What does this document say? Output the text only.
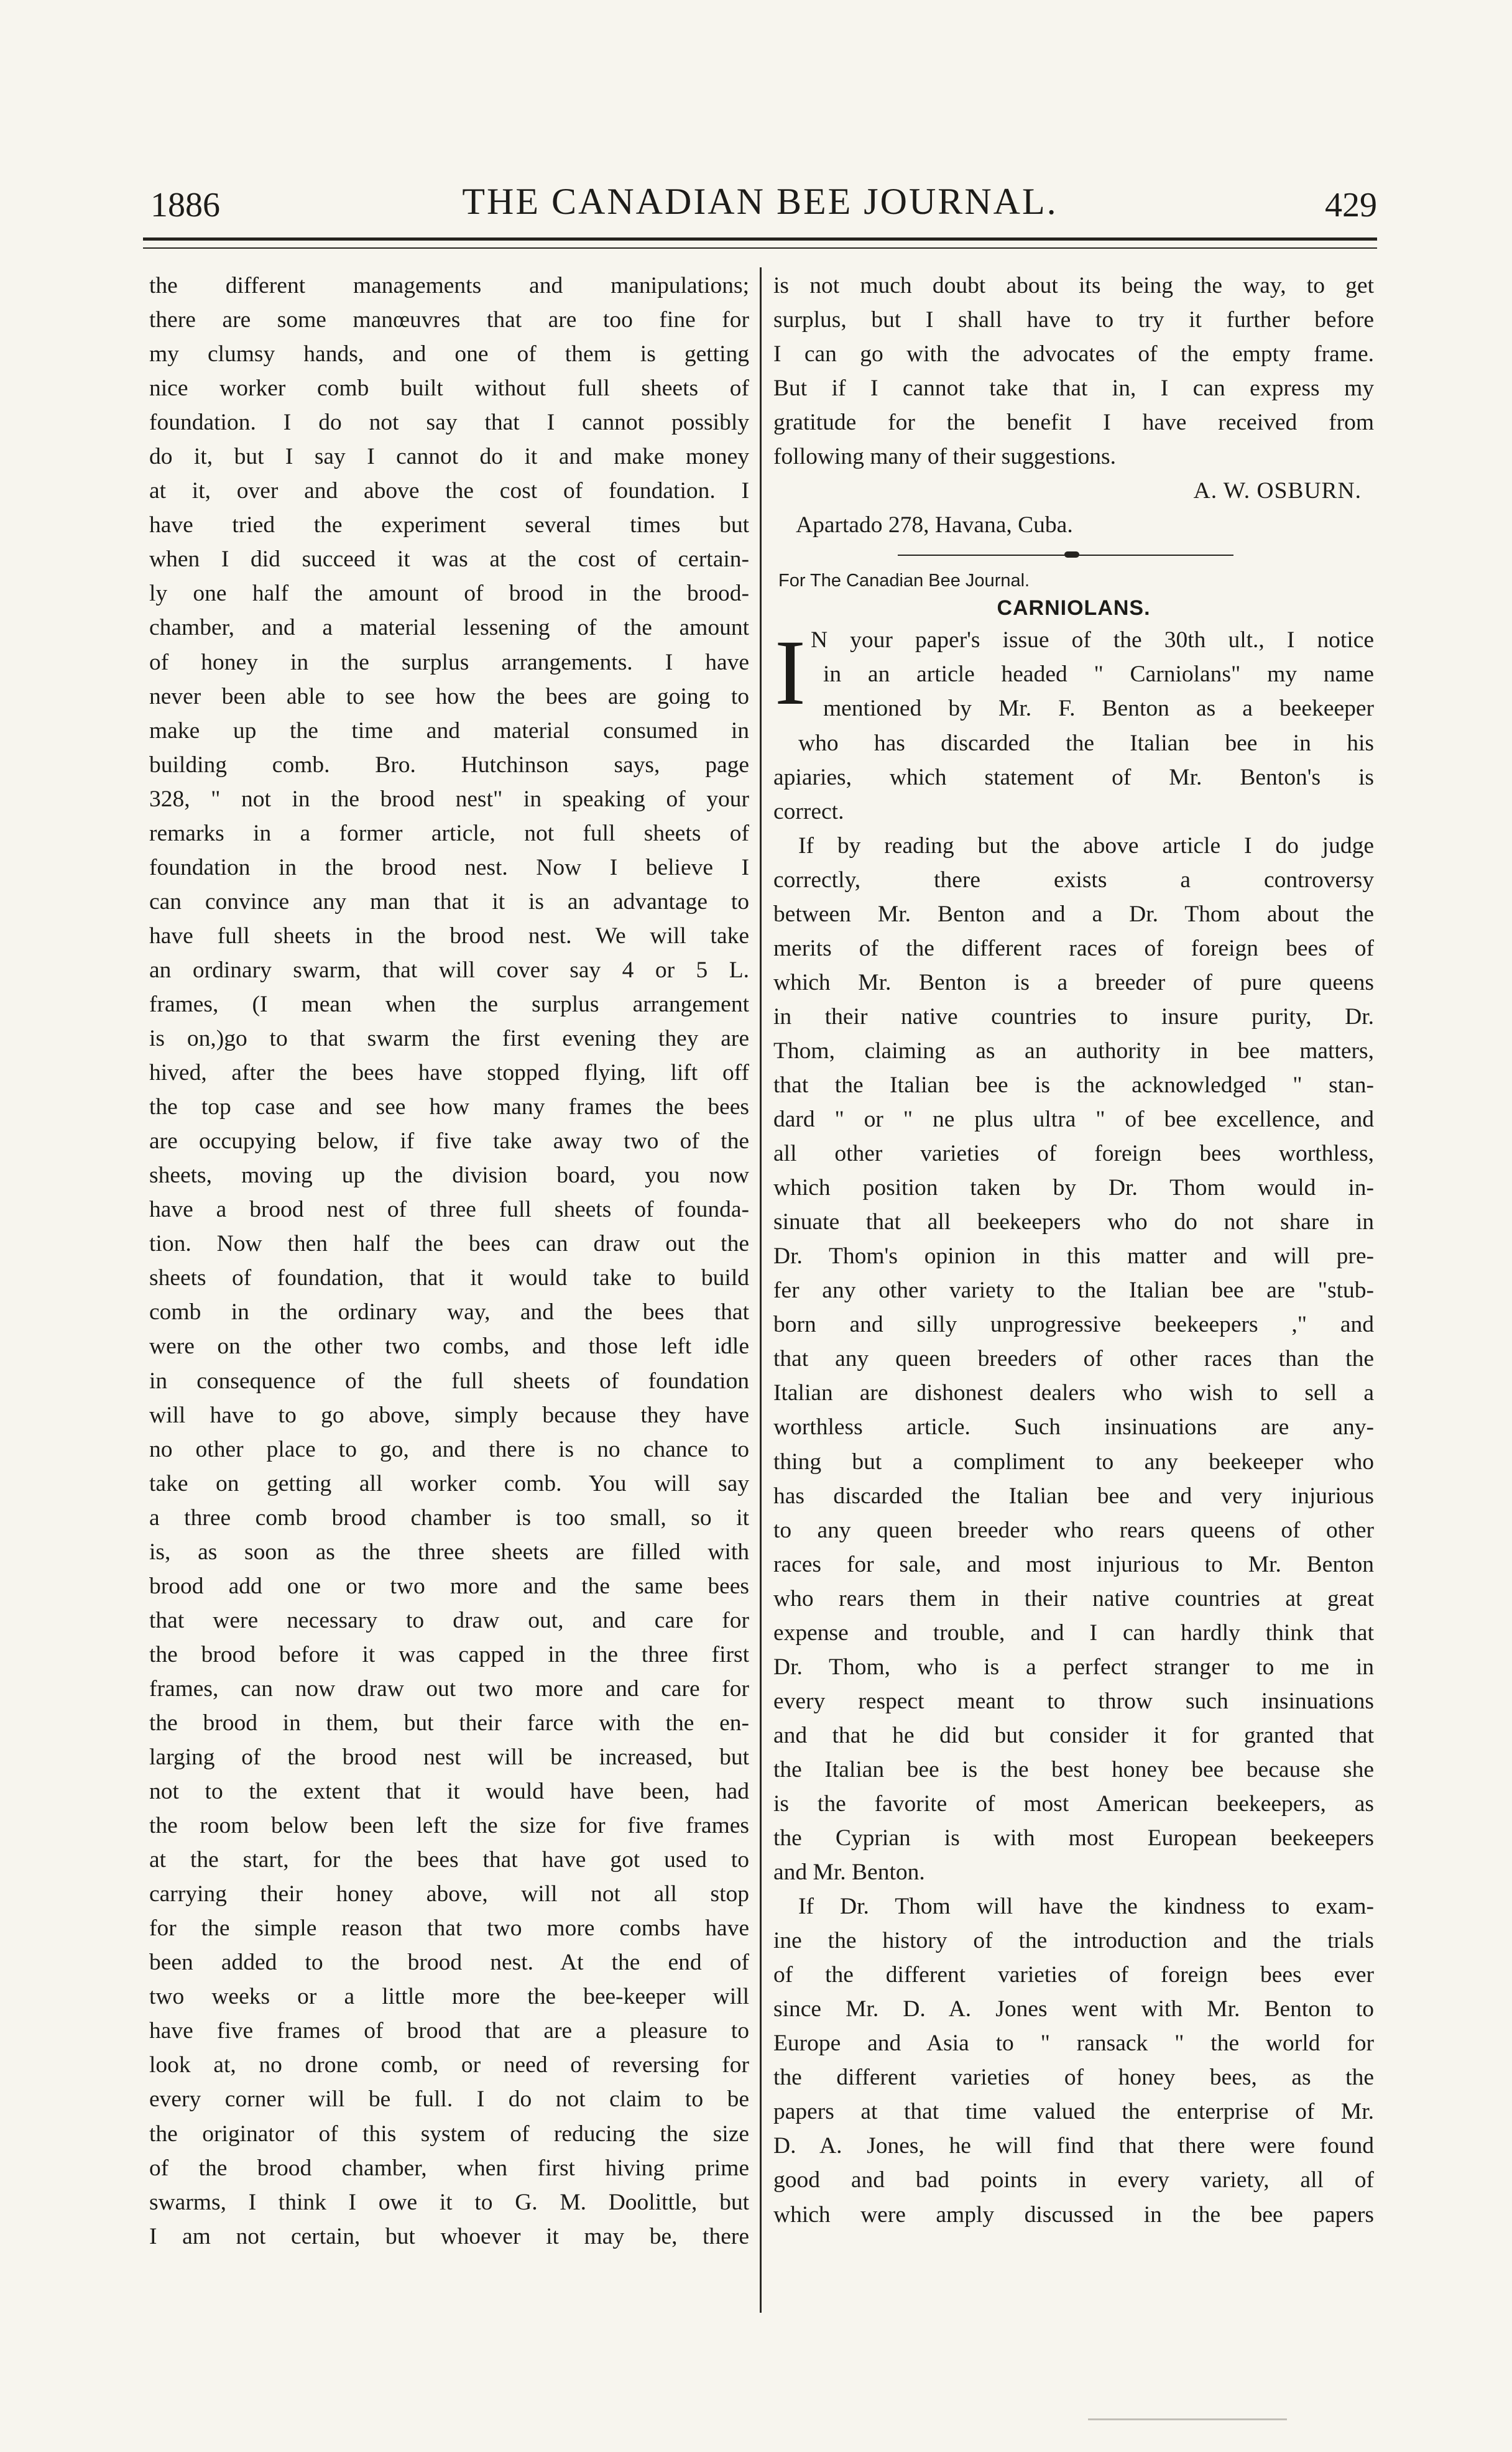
1886	THE CANADIAN BEE JOURNAL.	429
the different managements and manipulations;
there are some manœuvres that are too fine for
my clumsy hands, and one of them is getting
nice worker comb built without full sheets of
foundation. I do not say that I cannot possibly
do it, but I say I cannot do it and make money
at it, over and above the cost of foundation. I
have tried the experiment several times but
when I did succeed it was at the cost of certain-
ly one half the amount of brood in the brood-
chamber, and a material lessening of the amount
of honey in the surplus arrangements. I have
never been able to see how the bees are going to
make up the time and material consumed in
building comb. Bro. Hutchinson says, page
328, " not in the brood nest" in speaking of your
remarks in a former article, not full sheets of
foundation in the brood nest. Now I believe I
can convince any man that it is an advantage to
have full sheets in the brood nest. We will take
an ordinary swarm, that will cover say 4 or 5 L.
frames, (I mean when the surplus arrangement
is on,)go to that swarm the first evening they are
hived, after the bees have stopped flying, lift off
the top case and see how many frames the bees
are occupying below, if five take away two of the
sheets, moving up the division board, you now
have a brood nest of three full sheets of founda-
tion. Now then half the bees can draw out the
sheets of foundation, that it would take to build
comb in the ordinary way, and the bees that
were on the other two combs, and those left idle
in consequence of the full sheets of foundation
will have to go above, simply because they have
no other place to go, and there is no chance to
take on getting all worker comb. You will say
a three comb brood chamber is too small, so it
is, as soon as the three sheets are filled with
brood add one or two more and the same bees
that were necessary to draw out, and care for
the brood before it was capped in the three first
frames, can now draw out two more and care for
the brood in them, but their farce with the en-
larging of the brood nest will be increased, but
not to the extent that it would have been, had
the room below been left the size for five frames
at the start, for the bees that have got used to
carrying their honey above, will not all stop
for the simple reason that two more combs have
been added to the brood nest. At the end of
two weeks or a little more the bee-keeper will
have five frames of brood that are a pleasure to
look at, no drone comb, or need of reversing for
every corner will be full. I do not claim to be
the originator of this system of reducing the size
of the brood chamber, when first hiving prime
swarms, I think I owe it to G. M. Doolittle, but
I am not certain, but whoever it may be, there
is not much doubt about its being the way, to get
surplus, but I shall have to try it further before
I can go with the advocates of the empty frame.
But if I cannot take that in, I can express my
gratitude for the benefit I have received from
following many of their suggestions.
A. W. OSBURN.
Apartado 278, Havana, Cuba.
For The Canadian Bee Journal.
CARNIOLANS.
I N your paper's issue of the 30th ult., I notice
in an article headed " Carniolans" my name
mentioned by Mr. F. Benton as a beekeeper
who has discarded the Italian bee in his
apiaries, which statement of Mr. Benton's is
correct.
If by reading but the above article I do judge
correctly, there exists a controversy
between Mr. Benton and a Dr. Thom about the
merits of the different races of foreign bees of
which Mr. Benton is a breeder of pure queens
in their native countries to insure purity, Dr.
Thom, claiming as an authority in bee matters,
that the Italian bee is the acknowledged " stan-
dard " or " ne plus ultra " of bee excellence, and
all other varieties of foreign bees worthless,
which position taken by Dr. Thom would in-
sinuate that all beekeepers who do not share in
Dr. Thom's opinion in this matter and will pre-
fer any other variety to the Italian bee are "stub-
born and silly unprogressive beekeepers ," and
that any queen breeders of other races than the
Italian are dishonest dealers who wish to sell a
worthless article. Such insinuations are any-
thing but a compliment to any beekeeper who
has discarded the Italian bee and very injurious
to any queen breeder who rears queens of other
races for sale, and most injurious to Mr. Benton
who rears them in their native countries at great
expense and trouble, and I can hardly think that
Dr. Thom, who is a perfect stranger to me in
every respect meant to throw such insinuations
and that he did but consider it for granted that
the Italian bee is the best honey bee because she
is the favorite of most American beekeepers, as
the Cyprian is with most European beekeepers
and Mr. Benton.
If Dr. Thom will have the kindness to exam-
ine the history of the introduction and the trials
of the different varieties of foreign bees ever
since Mr. D. A. Jones went with Mr. Benton to
Europe and Asia to " ransack " the world for
the different varieties of honey bees, as the
papers at that time valued the enterprise of Mr.
D. A. Jones, he will find that there were found
good and bad points in every variety, all of
which were amply discussed in the bee papers
